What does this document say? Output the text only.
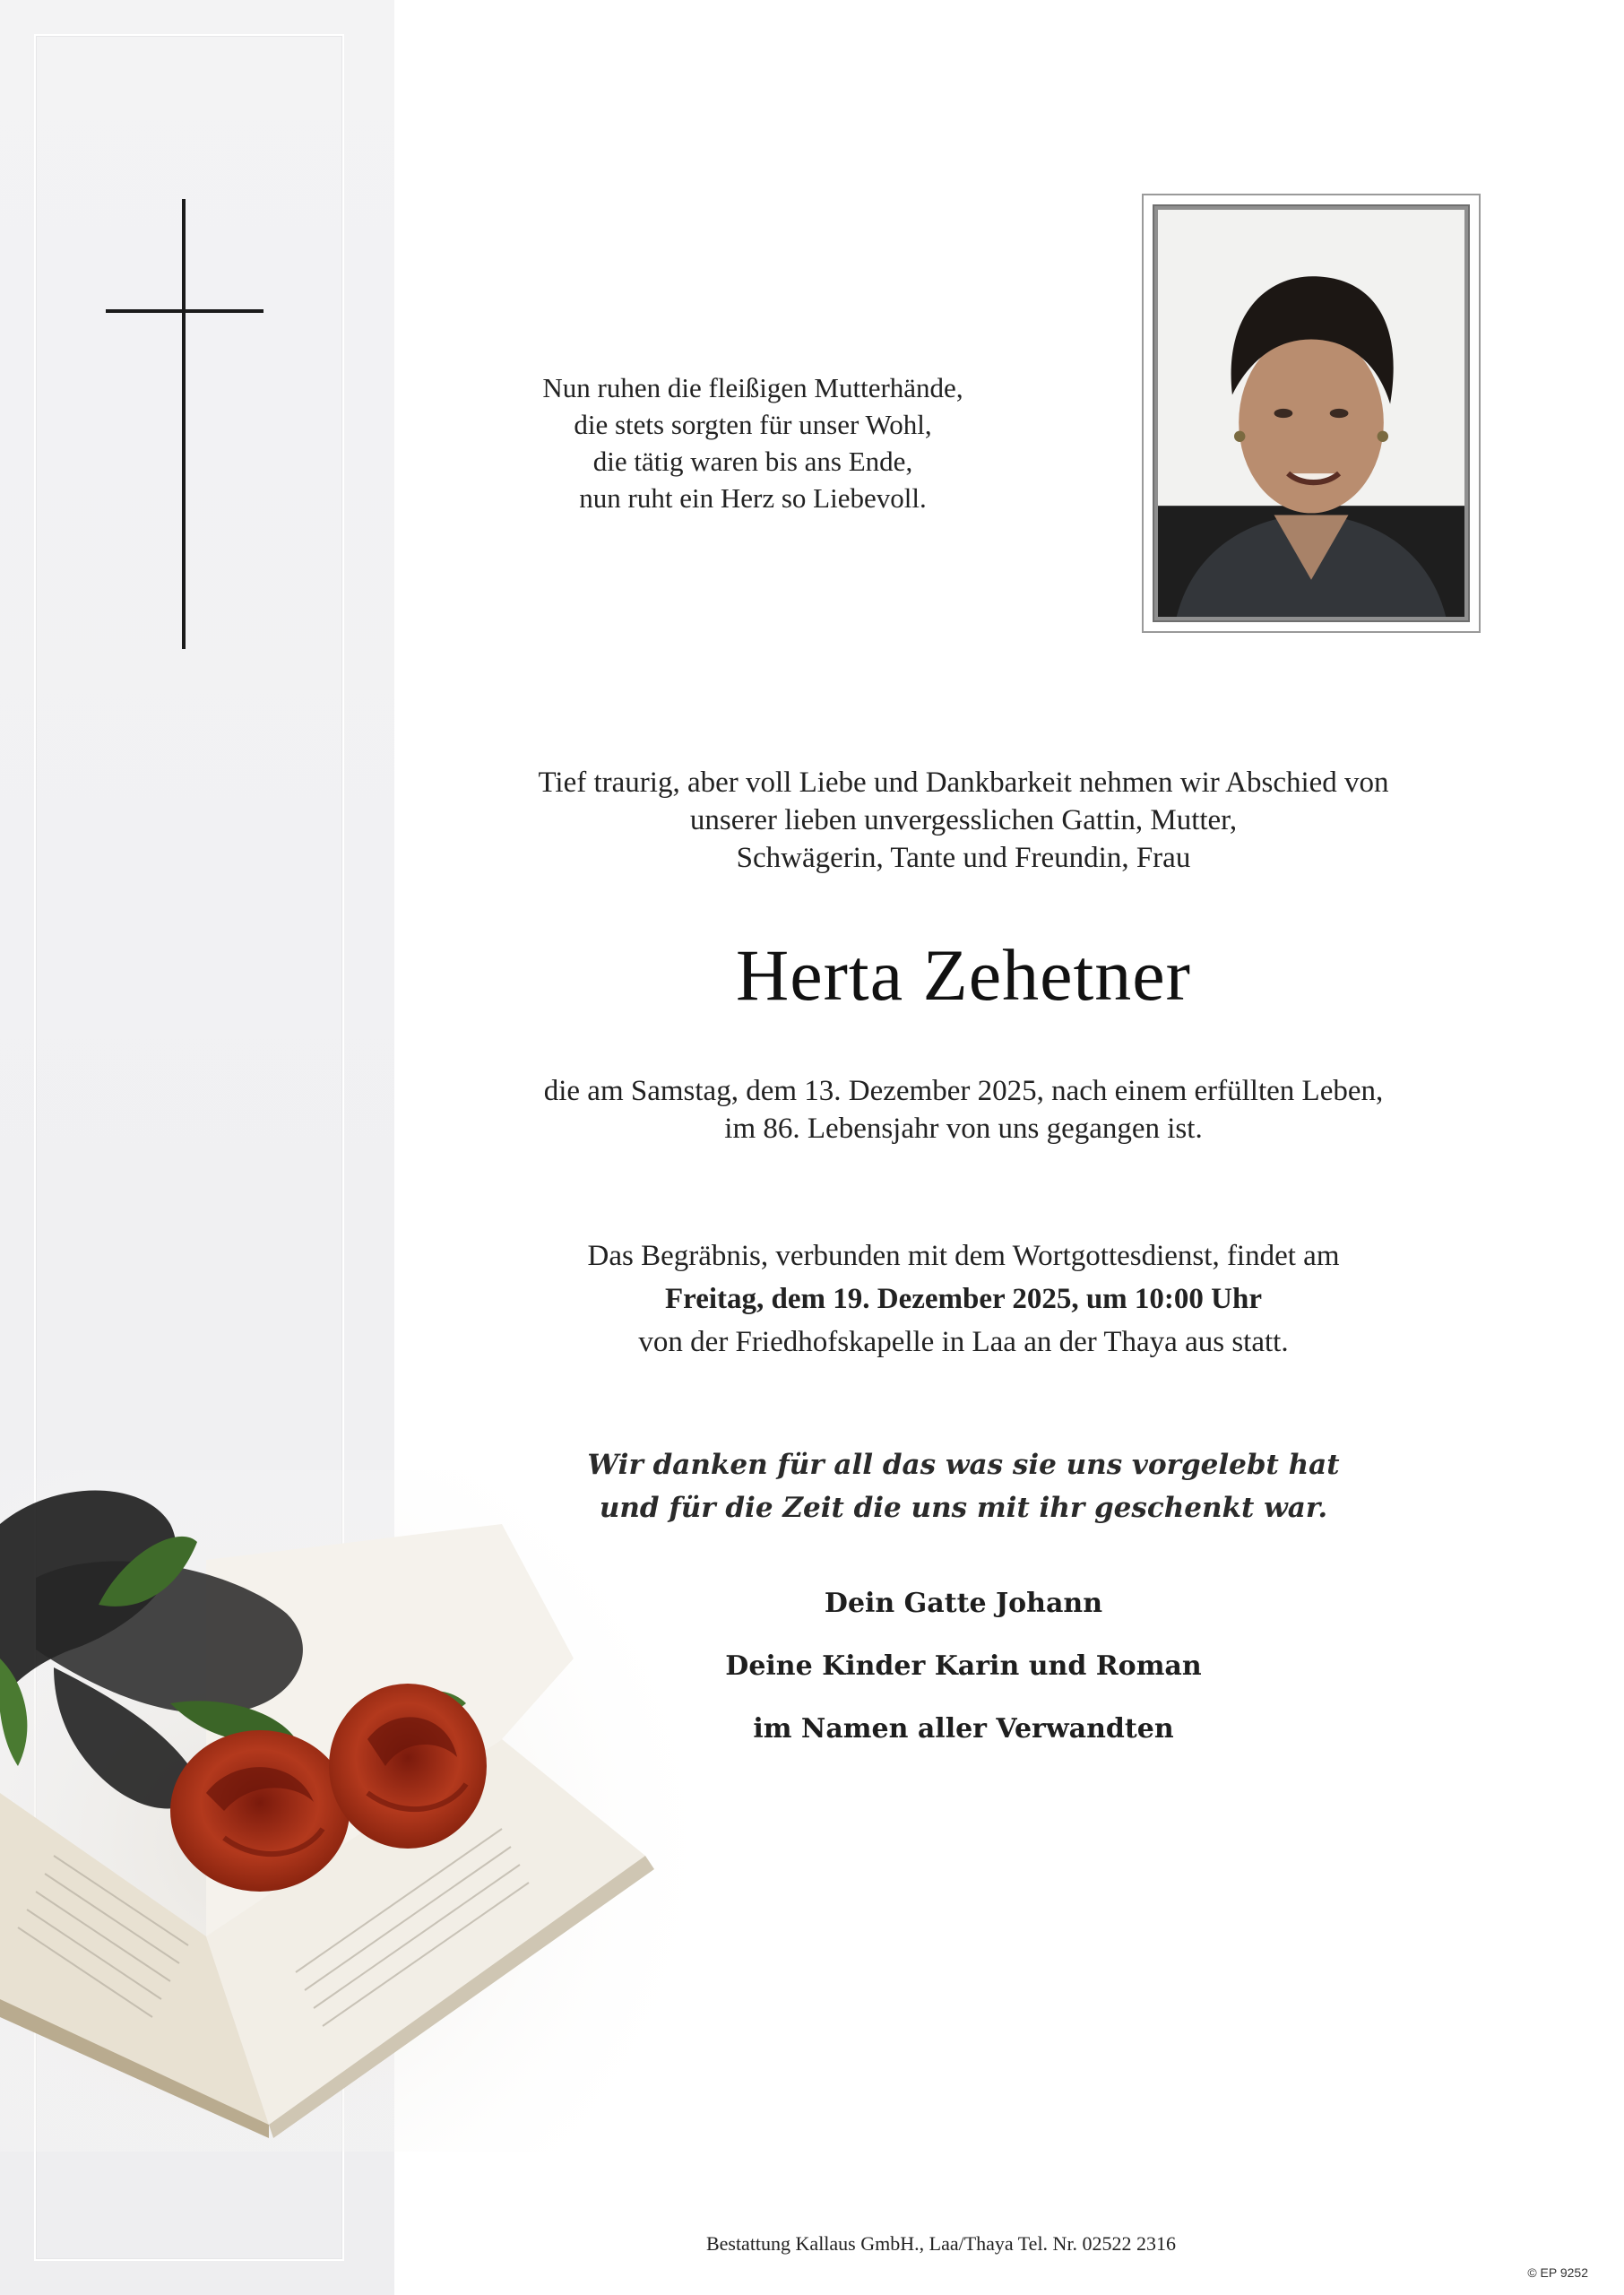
Nun ruhen die fleißigen Mutterhände,
die stets sorgten für unser Wohl,
die tätig waren bis ans Ende,
nun ruht ein Herz so Liebevoll.
Tief traurig, aber voll Liebe und Dankbarkeit nehmen wir Abschied von
unserer lieben unvergesslichen Gattin, Mutter,
Schwägerin, Tante und Freundin, Frau
Herta Zehetner
die am Samstag, dem 13. Dezember 2025, nach einem erfüllten Leben,
im 86. Lebensjahr von uns gegangen ist.
Das Begräbnis, verbunden mit dem Wortgottesdienst, findet am
Freitag, dem 19. Dezember 2025, um 10:00 Uhr
von der Friedhofskapelle in Laa an der Thaya aus statt.
Wir danken für all das was sie uns vorgelebt hat
und für die Zeit die uns mit ihr geschenkt war.
Dein Gatte Johann
Deine Kinder Karin und Roman
im Namen aller Verwandten
Bestattung Kallaus GmbH., Laa/Thaya Tel. Nr. 02522 2316
© EP 9252
